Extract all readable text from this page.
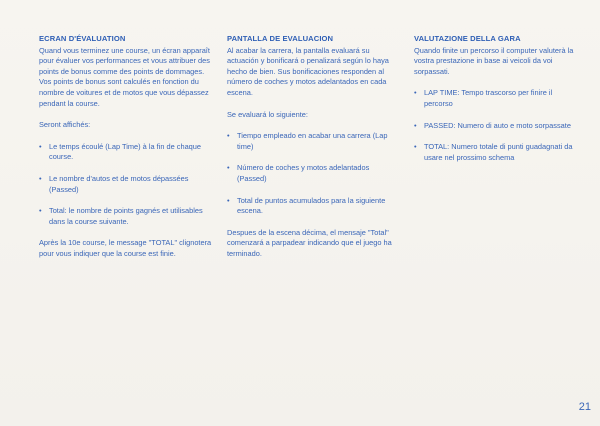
ECRAN D'ÉVALUATION

Quand vous terminez une course, un écran apparaît pour évaluer vos performances et vous attribuer des points de bonus comme des points de dommages. Vos points de bonus sont calculés en fonction du nombre de voitures et de motos que vous dépassez pendant la course.

Seront affichés:

• Le temps écoulé (Lap Time) à la fin de chaque course.
• Le nombre d'autos et de motos dépassées (Passed)
• Total: le nombre de points gagnés et utilisables dans la course suivante.

Après la 10e course, le message "TOTAL" clignotera pour vous indiquer que la course est finie.

PANTALLA DE EVALUACION

Al acabar la carrera, la pantalla evaluará su actuación y bonificará o penalizará según lo haya hecho de bien. Sus bonificaciones responden al número de coches y motos adelantados en cada escena.

Se evaluará lo siguiente:

• Tiempo empleado en acabar una carrera (Lap time)
• Número de coches y motos adelantados (Passed)
• Total de puntos acumulados para la siguiente escena.

Despues de la escena décima, el mensaje "Total" comenzará a parpadear indicando que el juego ha terminado.

VALUTAZIONE DELLA GARA

Quando finite un percorso il computer valuterà la vostra prestazione in base ai veicoli da voi sorpassati.

• LAP TIME: Tempo trascorso per finire il percorso
• PASSED: Numero di auto e moto sorpassate
• TOTAL: Numero totale di punti guadagnati da usare nel prossimo schema
21
